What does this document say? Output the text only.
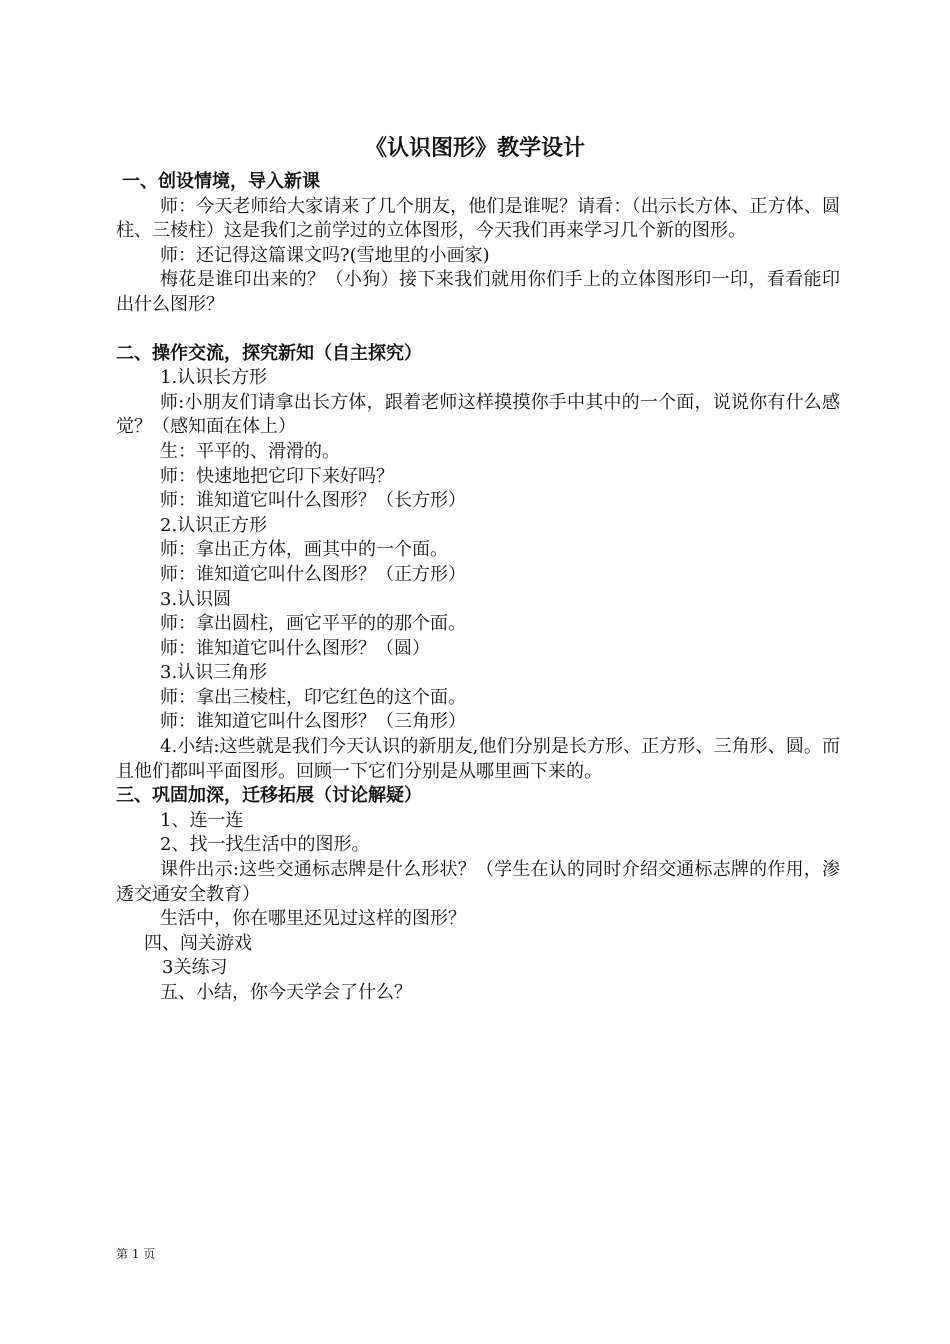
《认识图形》教学设计

一、创设情境，导入新课

师：今天老师给大家请来了几个朋友，他们是谁呢？请看：（出示长方体、正方体、圆柱、三棱柱）这是我们之前学过的立体图形，今天我们再来学习几个新的图形。

师：还记得这篇课文吗?(雪地里的小画家)

梅花是谁印出来的？（小狗）接下来我们就用你们手上的立体图形印一印，看看能印出什么图形？

二、操作交流，探究新知（自主探究）

1.认识长方形

师:小朋友们请拿出长方体，跟着老师这样摸摸你手中其中的一个面，说说你有什么感觉？（感知面在体上）

生：平平的、滑滑的。

师：快速地把它印下来好吗？

师：谁知道它叫什么图形？（长方形）

2.认识正方形

师：拿出正方体，画其中的一个面。

师：谁知道它叫什么图形？（正方形）

3.认识圆

师：拿出圆柱，画它平平的的那个面。

师：谁知道它叫什么图形？（圆）

3.认识三角形

师：拿出三棱柱，印它红色的这个面。

师：谁知道它叫什么图形？（三角形）

4.小结:这些就是我们今天认识的新朋友,他们分别是长方形、正方形、三角形、圆。而且他们都叫平面图形。回顾一下它们分别是从哪里画下来的。

三、巩固加深，迁移拓展（讨论解疑）

1、连一连

2、找一找生活中的图形。

课件出示:这些交通标志牌是什么形状？（学生在认的同时介绍交通标志牌的作用，渗透交通安全教育）

生活中，你在哪里还见过这样的图形？

四、闯关游戏

3关练习

五、小结，你今天学会了什么？

第 1 页
